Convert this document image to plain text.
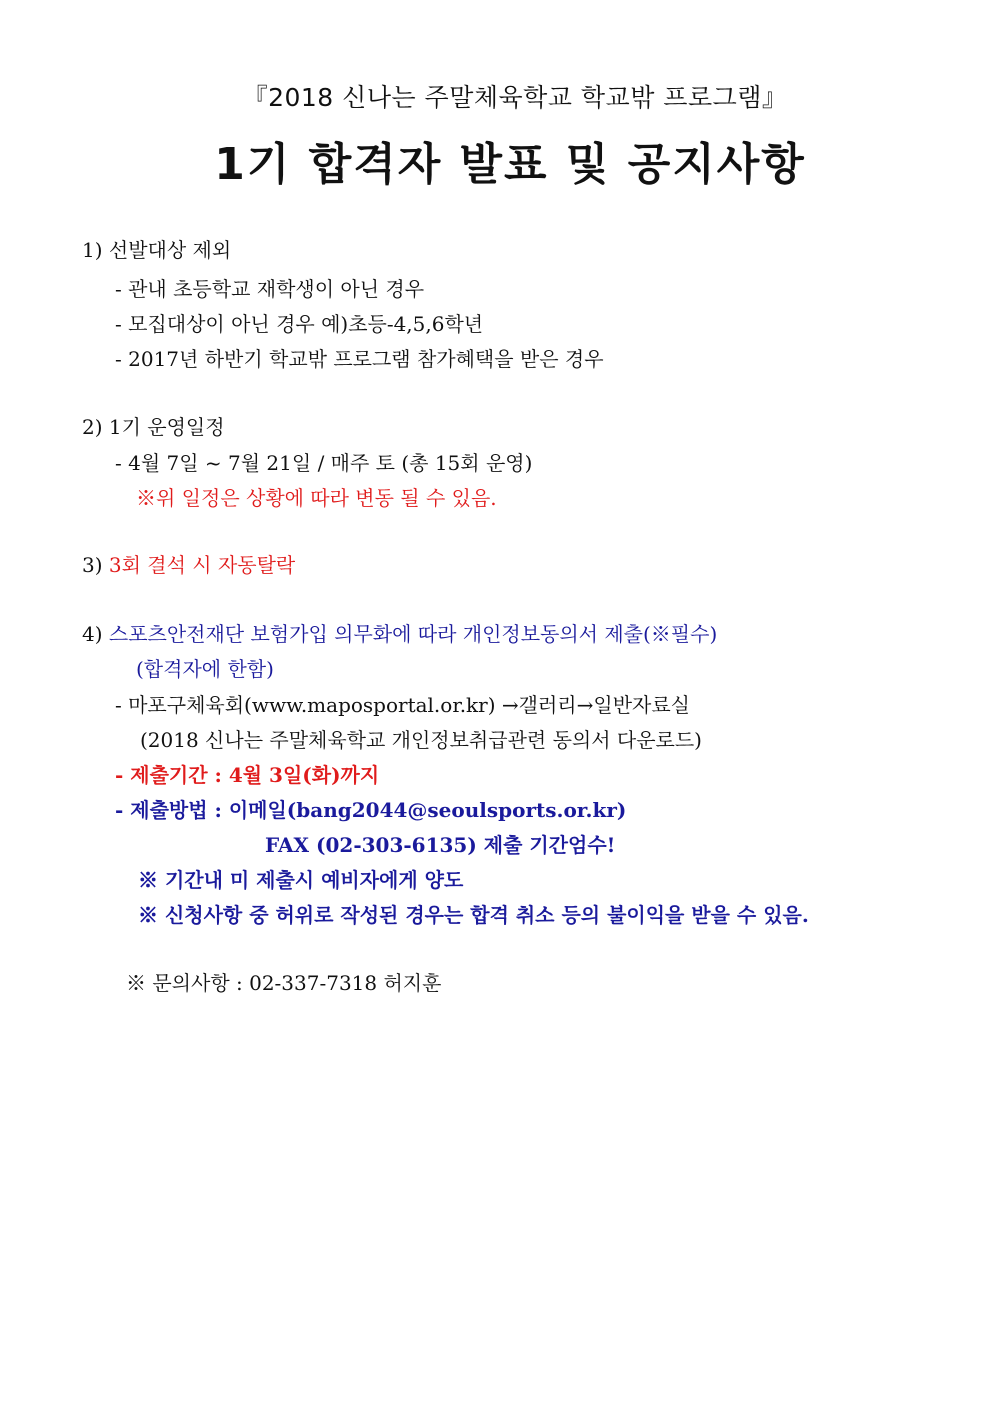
『2018 신나는 주말체육학교 학교밖 프로그램』
1기 합격자 발표 및 공지사항
1) 선발대상 제외
- 관내 초등학교 재학생이 아닌 경우
- 모집대상이 아닌 경우 예)초등-4,5,6학년
- 2017년 하반기 학교밖 프로그램 참가혜택을 받은 경우
2) 1기 운영일정
- 4월 7일 ~ 7월 21일 / 매주 토 (총 15회 운영)
※위 일정은 상황에 따라 변동 될 수 있음.
3) 3회 결석 시 자동탈락
4) 스포츠안전재단 보험가입 의무화에 따라 개인정보동의서 제출(※필수)
(합격자에 한함)
- 마포구체육회(www.maposportal.or.kr) →갤러리→일반자료실
(2018 신나는 주말체육학교 개인정보취급관련 동의서 다운로드)
- 제출기간 : 4월 3일(화)까지
- 제출방법 : 이메일(bang2044@seoulsports.or.kr)
FAX (02-303-6135) 제출 기간엄수!
※ 기간내 미 제출시 예비자에게 양도
※ 신청사항 중 허위로 작성된 경우는 합격 취소 등의 불이익을 받을 수 있음.
※ 문의사항 : 02-337-7318 허지훈
